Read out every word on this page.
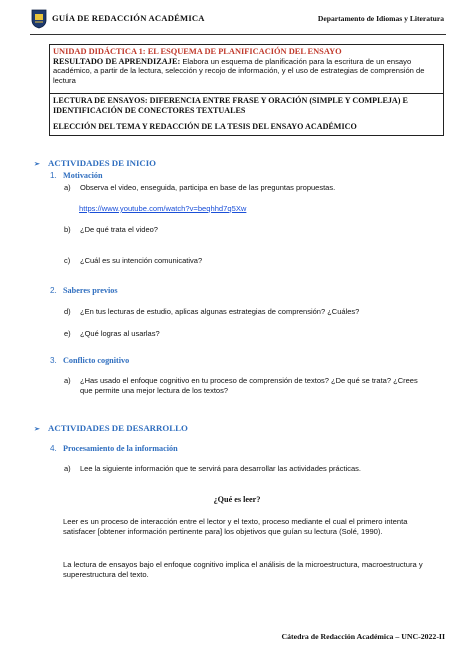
GUÍA DE REDACCIÓN ACADÉMICA	Departamento de Idiomas y Literatura
UNIDAD DIDÁCTICA 1: EL ESQUEMA DE PLANIFICACIÓN DEL ENSAYO
RESULTADO DE APRENDIZAJE: Elabora un esquema de planificación para la escritura de un ensayo académico, a partir de la lectura, selección y recojo de información, y el uso de estrategias de comprensión de lectura
LECTURA DE ENSAYOS: DIFERENCIA ENTRE FRASE Y ORACIÓN (SIMPLE Y COMPLEJA) E IDENTIFICACIÓN DE CONECTORES TEXTUALES
ELECCIÓN DEL TEMA Y REDACCIÓN DE LA TESIS DEL ENSAYO ACADÉMICO
➢ ACTIVIDADES DE INICIO
1. Motivación
a) Observa el video, enseguida, participa en base de las preguntas propuestas.
https://www.youtube.com/watch?v=beqhhd7q5Xw
b) ¿De qué trata el video?
c) ¿Cuál es su intención comunicativa?
2. Saberes previos
d) ¿En tus lecturas de estudio, aplicas algunas estrategias de comprensión? ¿Cuáles?
e) ¿Qué logras al usarlas?
3. Conflicto cognitivo
a) ¿Has usado el enfoque cognitivo en tu proceso de comprensión de textos? ¿De qué se trata? ¿Crees que permite una mejor lectura de los textos?
➢ ACTIVIDADES DE DESARROLLO
4. Procesamiento de la información
a) Lee la siguiente información que te servirá para desarrollar las actividades prácticas.
¿Qué es leer?
Leer es un proceso de interacción entre el lector y el texto, proceso mediante el cual el primero intenta satisfacer [obtener información pertinente para] los objetivos que guían su lectura (Solé, 1990).
La lectura de ensayos bajo el enfoque cognitivo implica el análisis de la microestructura, macroestructura y superestructura del texto.
Cátedra de Redacción Académica – UNC-2022-II
